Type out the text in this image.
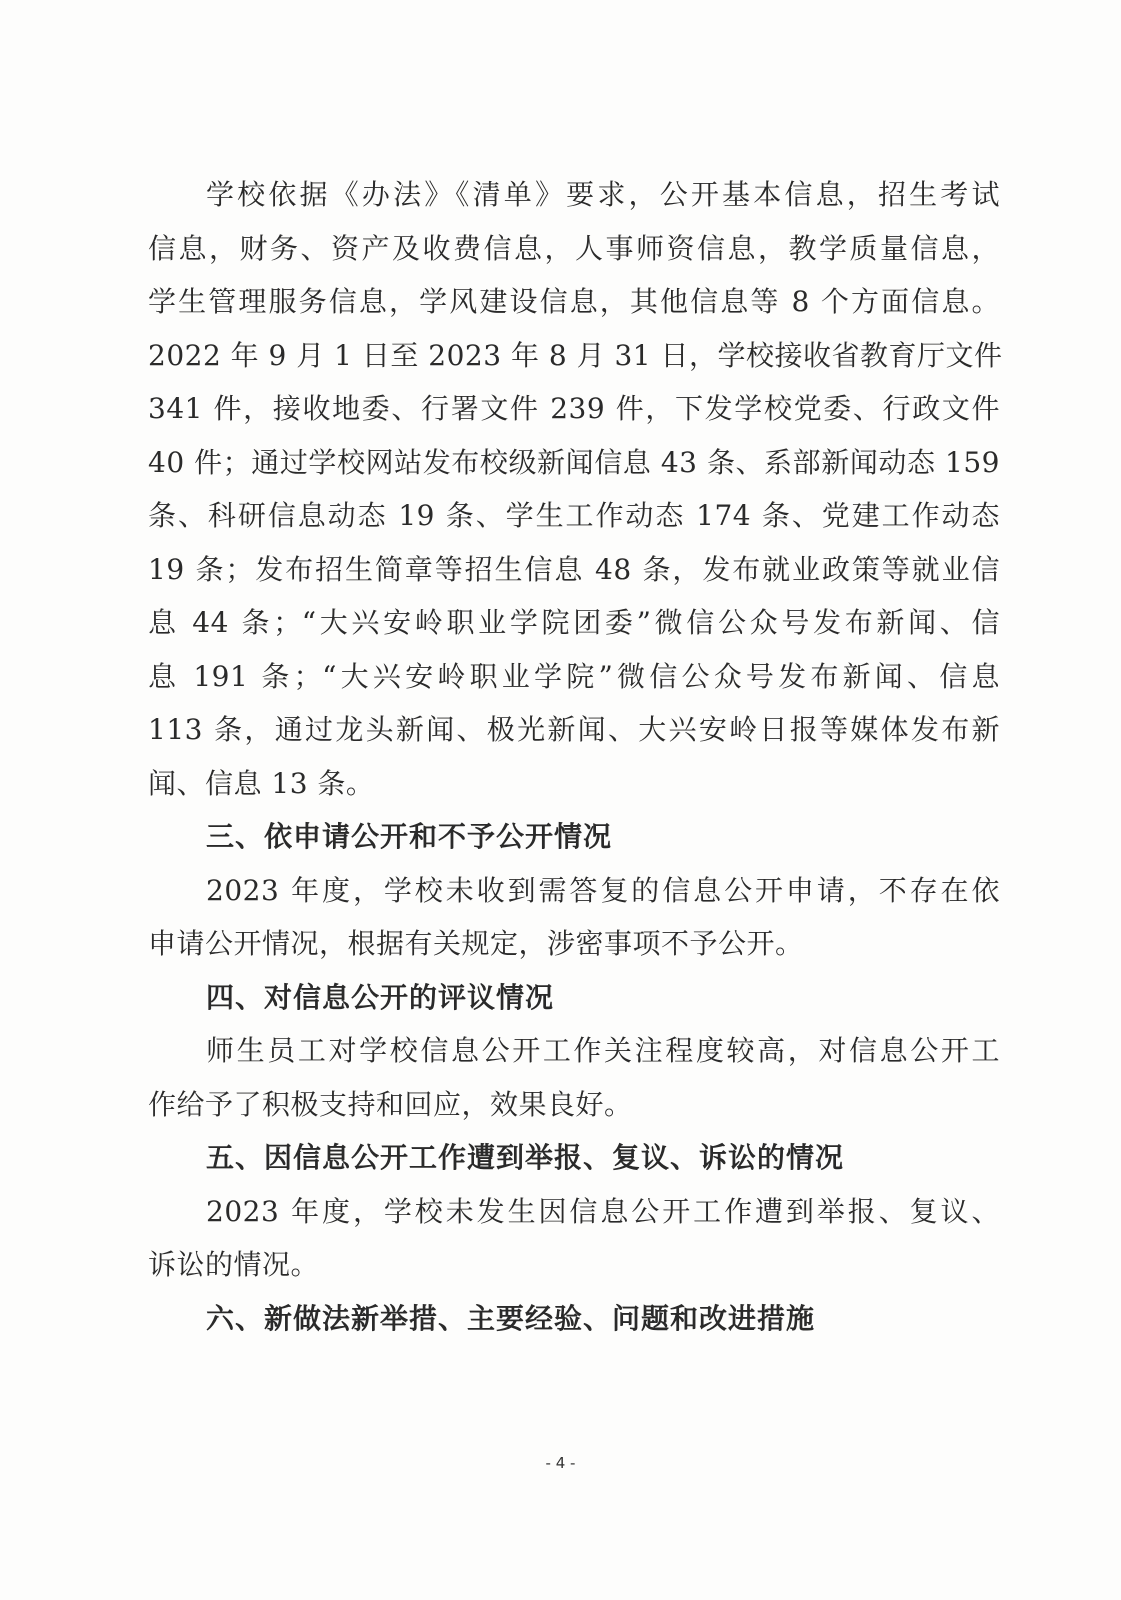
学校依据《办法》《清单》要求，公开基本信息，招生考试
信息，财务、资产及收费信息，人事师资信息，教学质量信息，
学生管理服务信息，学风建设信息，其他信息等 8 个方面信息。
2022 年 9 月 1 日至 2023 年 8 月 31 日，学校接收省教育厅文件
341 件，接收地委、行署文件 239 件，下发学校党委、行政文件
40 件；通过学校网站发布校级新闻信息 43 条、系部新闻动态 159
条、科研信息动态 19 条、学生工作动态 174 条、党建工作动态
19 条；发布招生简章等招生信息 48 条，发布就业政策等就业信
息 44 条；“大兴安岭职业学院团委”微信公众号发布新闻、信
息 191 条；“大兴安岭职业学院”微信公众号发布新闻、信息
113 条，通过龙头新闻、极光新闻、大兴安岭日报等媒体发布新
闻、信息 13 条。
三、依申请公开和不予公开情况
2023 年度，学校未收到需答复的信息公开申请，不存在依
申请公开情况，根据有关规定，涉密事项不予公开。
四、对信息公开的评议情况
师生员工对学校信息公开工作关注程度较高，对信息公开工
作给予了积极支持和回应，效果良好。
五、因信息公开工作遭到举报、复议、诉讼的情况
2023 年度，学校未发生因信息公开工作遭到举报、复议、
诉讼的情况。
六、新做法新举措、主要经验、问题和改进措施
- 4 -
